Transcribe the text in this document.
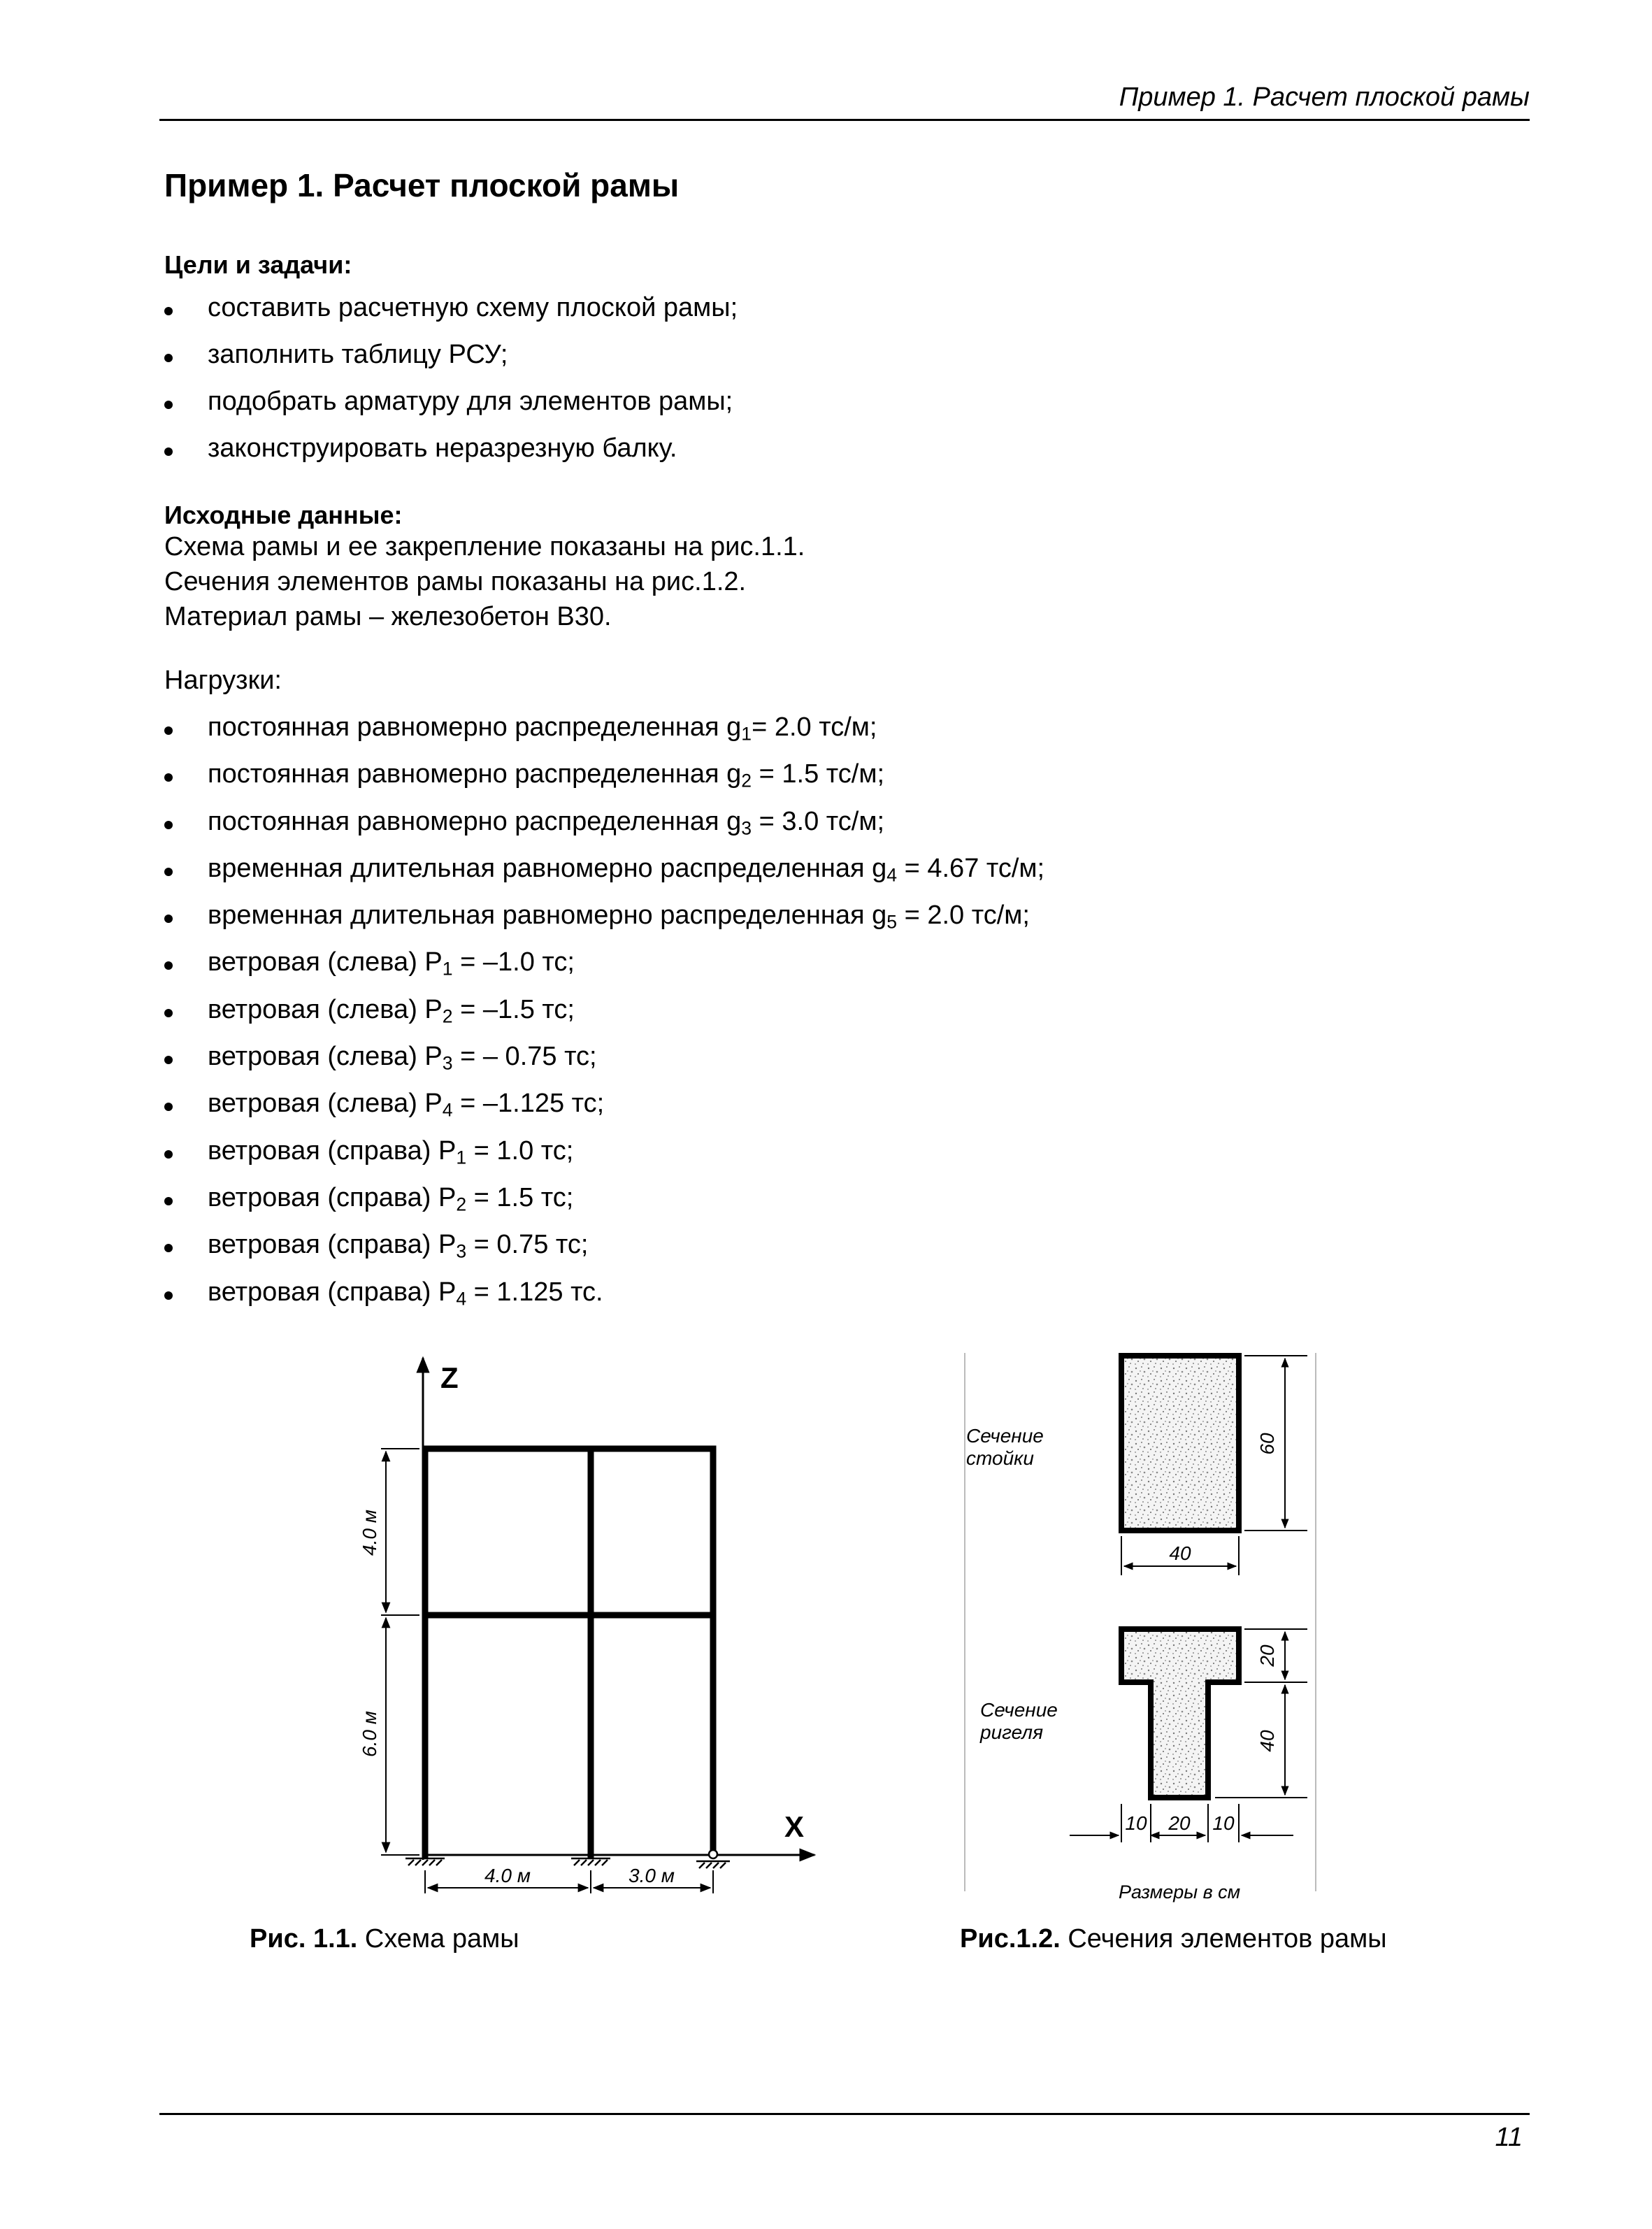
Пример 1. Расчет плоской рамы
Пример 1. Расчет плоской рамы
Цели и задачи:
составить расчетную схему плоской рамы;
заполнить таблицу РСУ;
подобрать арматуру для элементов рамы;
законструировать неразрезную балку.
Исходные данные:

Схема рамы и ее закрепление показаны на рис.1.1.

Сечения элементов рамы показаны на рис.1.2.

Материал рамы – железобетон B30.

Нагрузки:

постоянная равномерно распределенная $g_1= 2.0$ тс/м;
постоянная равномерно распределенная $g_2 = 1.5$ тс/м;
постоянная равномерно распределенная $g_3 = 3.0$ тс/м;
временная длительная равномерно распределенная $g_4 = 4.67$ тс/м;
временная длительная равномерно распределенная $g_5 = 2.0$ тс/м;
ветровая (слева) $P_1 = -1.0$ тс;
ветровая (слева) $P_2 = -1.5$ тс;
ветровая (слева) $P_3$ = – 0.75 тс;
ветровая (слева) $P_4 = -1.125$ тс;
ветровая (справа) $P_1 = 1.0$ тс;
ветровая (справа) $P_2 = 1.5$ тс;
ветровая (справа) $P_3 = 0.75$ тс;
ветровая (справа) $P_4 = 1.125$ тс.
Z
X
4.0 м
6.0 м
4.0 м	3.0 м

Рис. 1.1. Схема рамы

Сечение стойки
60
40
Сечение ригеля
20
40
10 20 10
Размеры в см

Рис.1.2. Сечения элементов рамы

11
